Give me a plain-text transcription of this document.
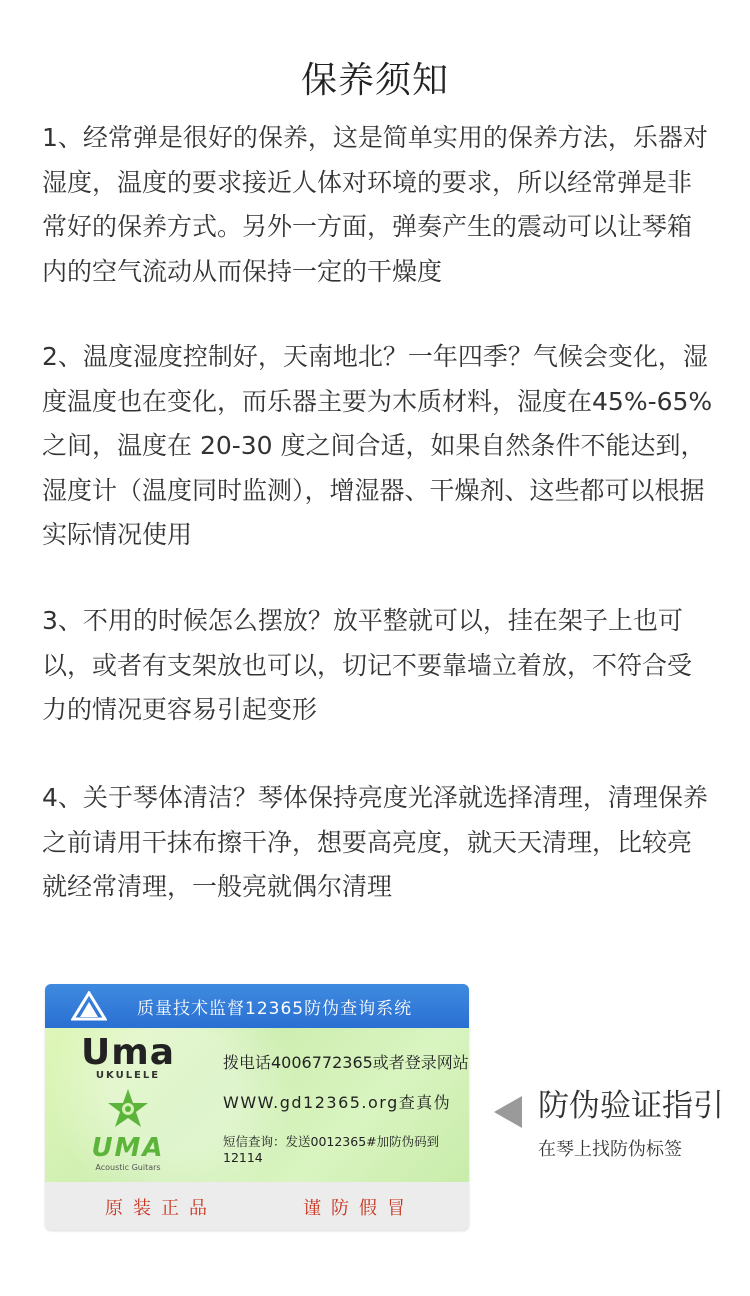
保养须知
1、经常弹是很好的保养，这是简单实用的保养方法，乐器对湿度，温度的要求接近人体对环境的要求，所以经常弹是非常好的保养方式。另外一方面，弹奏产生的震动可以让琴箱内的空气流动从而保持一定的干燥度
2、温度湿度控制好，天南地北？一年四季？气候会变化，湿度温度也在变化，而乐器主要为木质材料，湿度在45%-65% 之间，温度在 20-30 度之间合适，如果自然条件不能达到，湿度计（温度同时监测），增湿器、干燥剂、这些都可以根据实际情况使用
3、不用的时候怎么摆放？放平整就可以，挂在架子上也可以，或者有支架放也可以，切记不要靠墙立着放，不符合受力的情况更容易引起变形
4、关于琴体清洁？琴体保持亮度光泽就选择清理，清理保养之前请用干抹布擦干净，想要高亮度，就天天清理，比较亮就经常清理，一般亮就偶尔清理
质量技术监督12365防伪查询系统
Uma
UKULELE
UMA
Acoustic Guitars
拨电话4006772365或者登录网站
WWW.gd12365.org查真伪
短信查询：发送0012365#加防伪码到12114
原装正品	谨防假冒
防伪验证指引
在琴上找防伪标签
